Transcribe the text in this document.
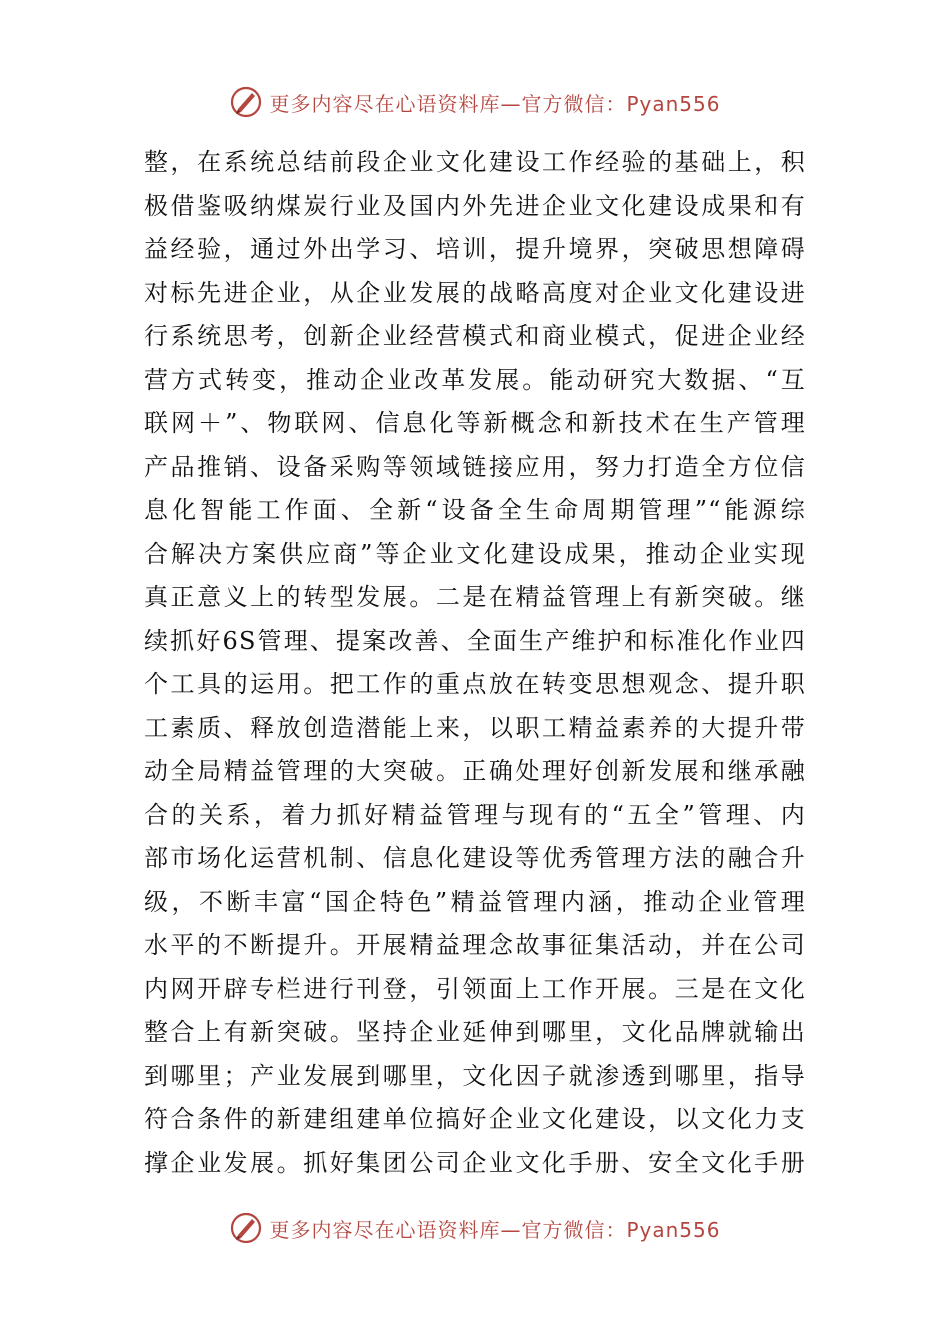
更多内容尽在心语资料库—官方微信：Pyan556
整，在系统总结前段企业文化建设工作经验的基础上，积
极借鉴吸纳煤炭行业及国内外先进企业文化建设成果和有
益经验，通过外出学习、培训，提升境界，突破思想障碍
对标先进企业，从企业发展的战略高度对企业文化建设进
行系统思考，创新企业经营模式和商业模式，促进企业经
营方式转变，推动企业改革发展。能动研究大数据、“互
联网＋”、物联网、信息化等新概念和新技术在生产管理
产品推销、设备采购等领域链接应用，努力打造全方位信
息化智能工作面、全新“设备全生命周期管理”“能源综
合解决方案供应商”等企业文化建设成果，推动企业实现
真正意义上的转型发展。二是在精益管理上有新突破。继
续抓好6S管理、提案改善、全面生产维护和标准化作业四
个工具的运用。把工作的重点放在转变思想观念、提升职
工素质、释放创造潜能上来，以职工精益素养的大提升带
动全局精益管理的大突破。正确处理好创新发展和继承融
合的关系，着力抓好精益管理与现有的“五全”管理、内
部市场化运营机制、信息化建设等优秀管理方法的融合升
级，不断丰富“国企特色”精益管理内涵，推动企业管理
水平的不断提升。开展精益理念故事征集活动，并在公司
内网开辟专栏进行刊登，引领面上工作开展。三是在文化
整合上有新突破。坚持企业延伸到哪里，文化品牌就输出
到哪里；产业发展到哪里，文化因子就渗透到哪里，指导
符合条件的新建组建单位搞好企业文化建设，以文化力支
撑企业发展。抓好集团公司企业文化手册、安全文化手册
更多内容尽在心语资料库—官方微信：Pyan556
